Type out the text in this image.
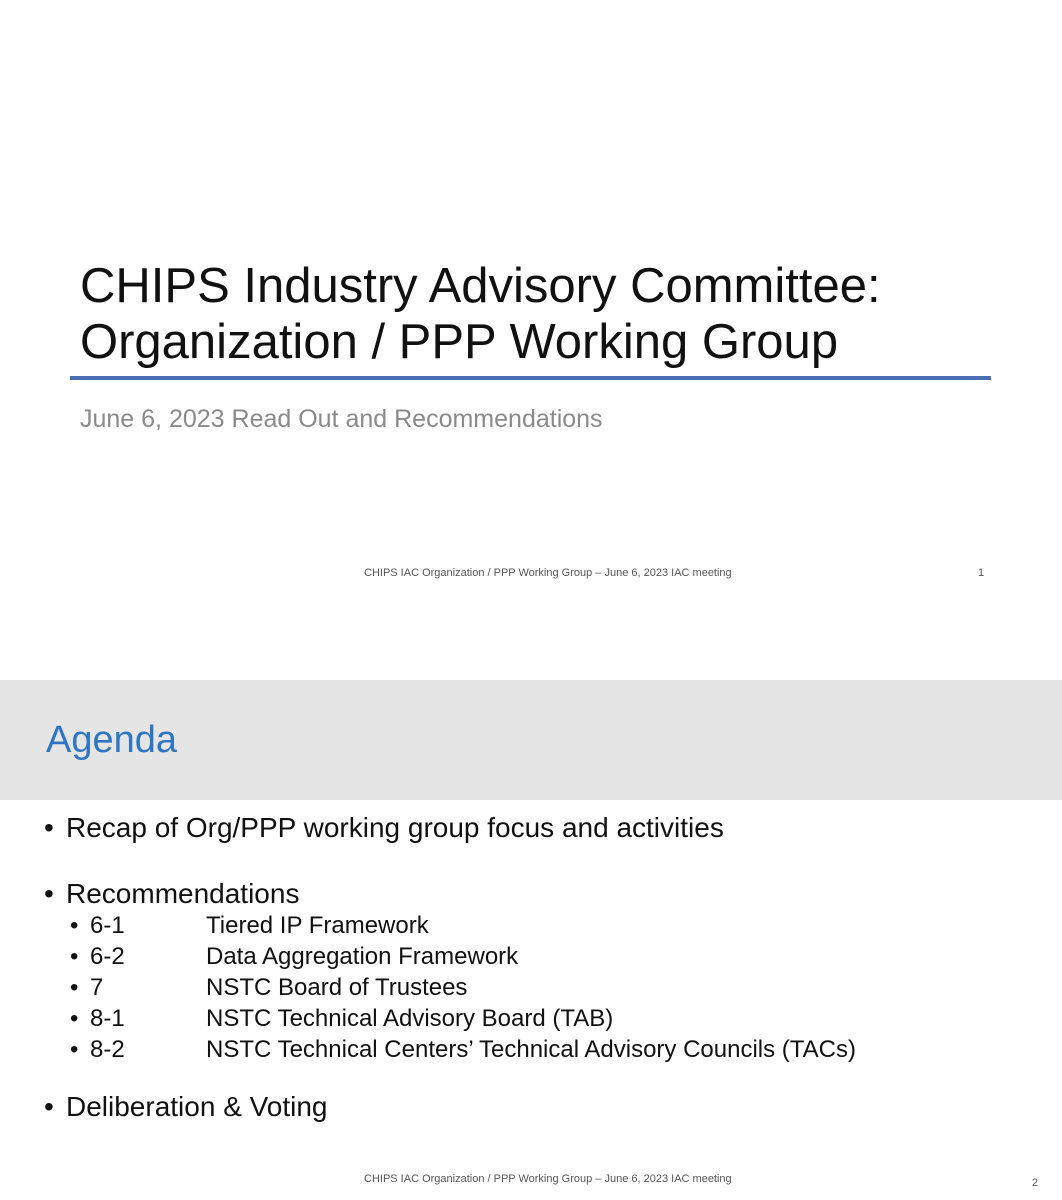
CHIPS Industry Advisory Committee:
Organization / PPP Working Group
June 6, 2023 Read Out and Recommendations
CHIPS IAC Organization / PPP Working Group – June 6, 2023 IAC meeting	1
Agenda
• Recap of Org/PPP working group focus and activities
• Recommendations
• 6-1	Tiered IP Framework
• 6-2	Data Aggregation Framework
• 7	NSTC Board of Trustees
• 8-1	NSTC Technical Advisory Board (TAB)
• 8-2	NSTC Technical Centers’ Technical Advisory Councils (TACs)
• Deliberation & Voting
CHIPS IAC Organization / PPP Working Group – June 6, 2023 IAC meeting	2
